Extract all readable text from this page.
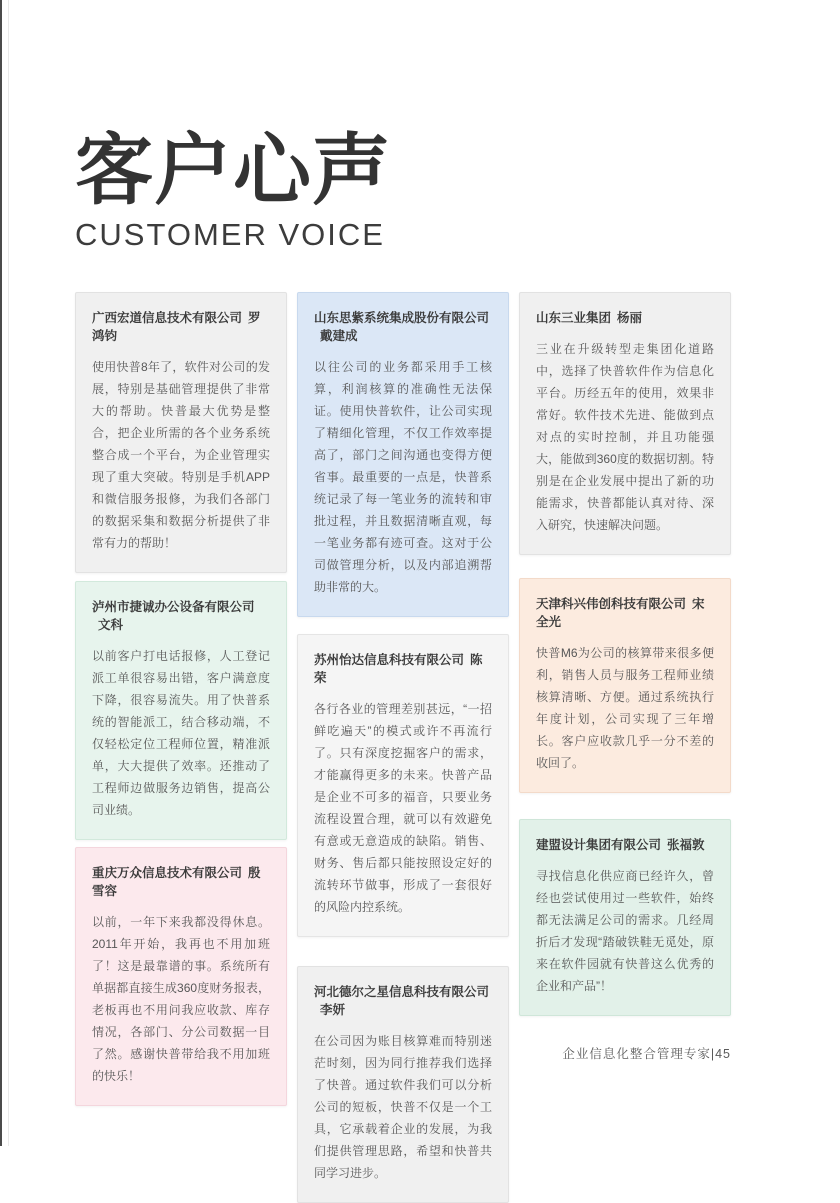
客户心声
CUSTOMER VOICE

广西宏道信息技术有限公司 罗鸿钧

使用快普8年了，软件对公司的发展，特别是基础管理提供了非常大的帮助。快普最大优势是整合，把企业所需的各个业务系统整合成一个平台，为企业管理实现了重大突破。特别是手机APP和微信服务报修，为我们各部门的数据采集和数据分析提供了非常有力的帮助！

泸州市捷诚办公设备有限公司文科

以前客户打电话报修，人工登记派工单很容易出错，客户满意度下降，很容易流失。用了快普系统的智能派工，结合移动端，不仅轻松定位工程师位置，精准派单，大大提供了效率。还推动了工程师边做服务边销售，提高公司业绩。

重庆万众信息技术有限公司 殷雪容

以前，一年下来我都没得休息。2011年开始，我再也不用加班了！这是最靠谱的事。系统所有单据都直接生成360度财务报表，老板再也不用问我应收款、库存情况，各部门、分公司数据一目了然。感谢快普带给我不用加班的快乐！

山东思紫系统集成股份有限公司戴建成

以往公司的业务都采用手工核算，利润核算的准确性无法保证。使用快普软件，让公司实现了精细化管理，不仅工作效率提高了，部门之间沟通也变得方便省事。最重要的一点是，快普系统记录了每一笔业务的流转和审批过程，并且数据清晰直观，每一笔业务都有迹可查。这对于公司做管理分析，以及内部追溯帮助非常的大。

苏州怡达信息科技有限公司 陈荣

各行各业的管理差别甚远，“一招鲜吃遍天”的模式或许不再流行了。只有深度挖掘客户的需求，才能赢得更多的未来。快普产品是企业不可多的福音，只要业务流程设置合理，就可以有效避免有意或无意造成的缺陷。销售、财务、售后都只能按照设定好的流转环节做事，形成了一套很好的风险内控系统。

河北德尔之星信息科技有限公司李妍

在公司因为账目核算难而特别迷茫时刻，因为同行推荐我们选择了快普。通过软件我们可以分析公司的短板，快普不仅是一个工具，它承载着企业的发展，为我们提供管理思路，希望和快普共同学习进步。

山东三业集团 杨丽

三业在升级转型走集团化道路中，选择了快普软件作为信息化平台。历经五年的使用，效果非常好。软件技术先进、能做到点对点的实时控制，并且功能强大，能做到360度的数据切割。特别是在企业发展中提出了新的功能需求，快普都能认真对待、深入研究，快速解决问题。

天津科兴伟创科技有限公司 宋全光

快普M6为公司的核算带来很多便利，销售人员与服务工程师业绩核算清晰、方便。通过系统执行年度计划，公司实现了三年增长。客户应收款几乎一分不差的收回了。

建盟设计集团有限公司 张福敦

寻找信息化供应商已经许久，曾经也尝试使用过一些软件，始终都无法满足公司的需求。几经周折后才发现“踏破铁鞋无觅处，原来在软件园就有快普这么优秀的企业和产品”！

企业信息化整合管理专家|45
